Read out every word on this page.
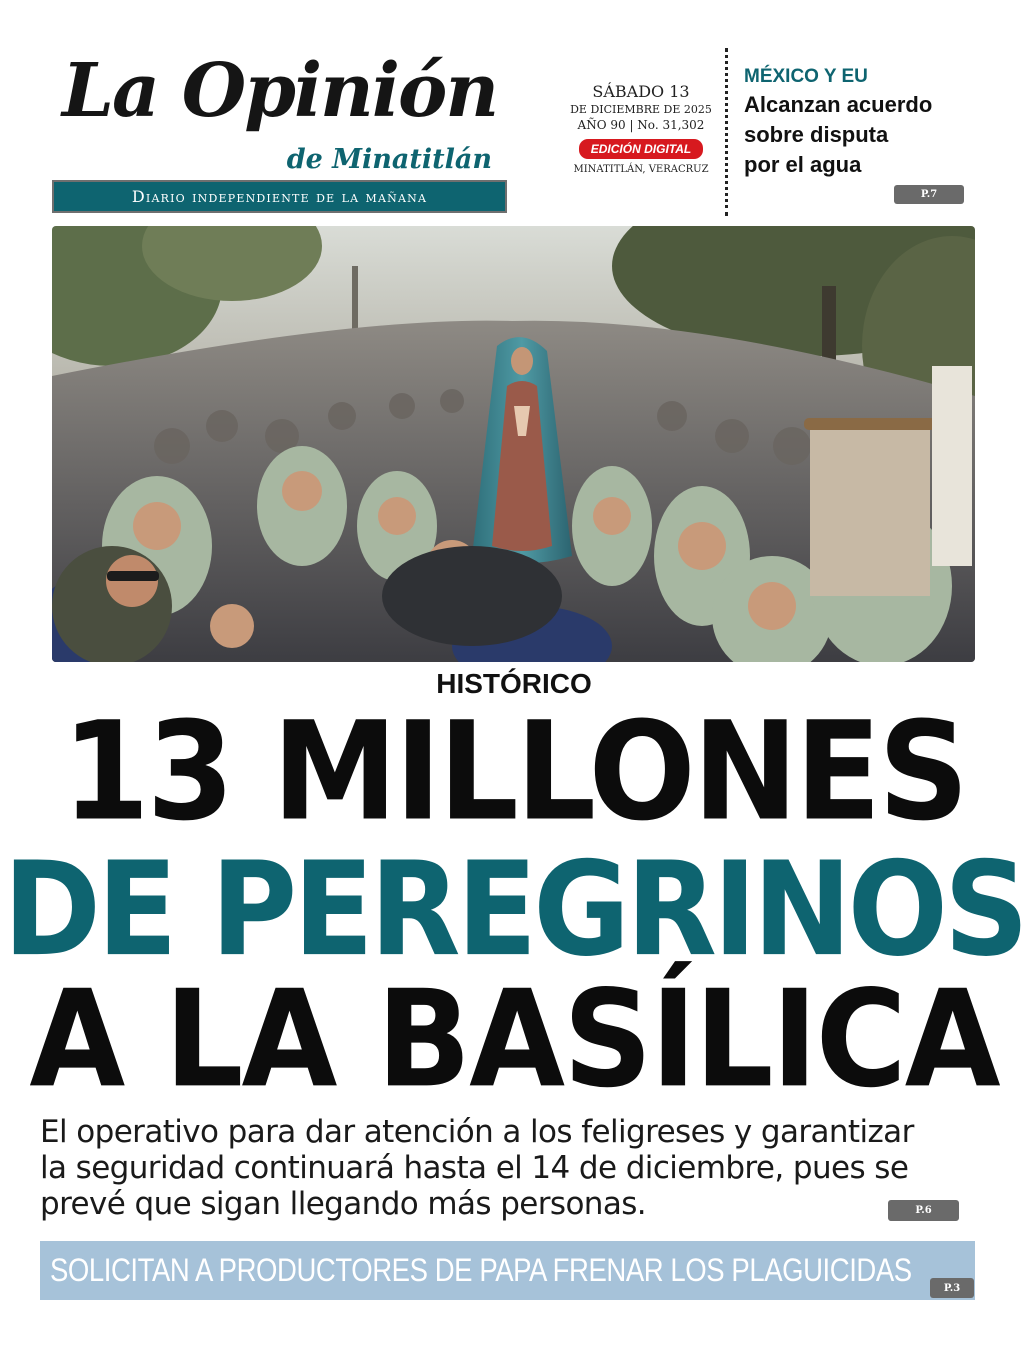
La Opinión
de Minatitlán
Diario independiente de la mañana
SÁBADO 13
DE DICIEMBRE DE 2025
AÑO 90 | No. 31,302
EDICIÓN DIGITAL
MINATITLÁN, VERACRUZ
MÉXICO Y EU
Alcanzan acuerdo
sobre disputa
por el agua
P.7
HISTÓRICO
13 MILLONES
DE PEREGRINOS
A LA BASÍLICA
El operativo para dar atención a los feligreses y garantizar
la seguridad continuará hasta el 14 de diciembre, pues se
prevé que sigan llegando más personas.	P.6
SOLICITAN A PRODUCTORES DE PAPA FRENAR LOS PLAGUICIDAS	P.3
